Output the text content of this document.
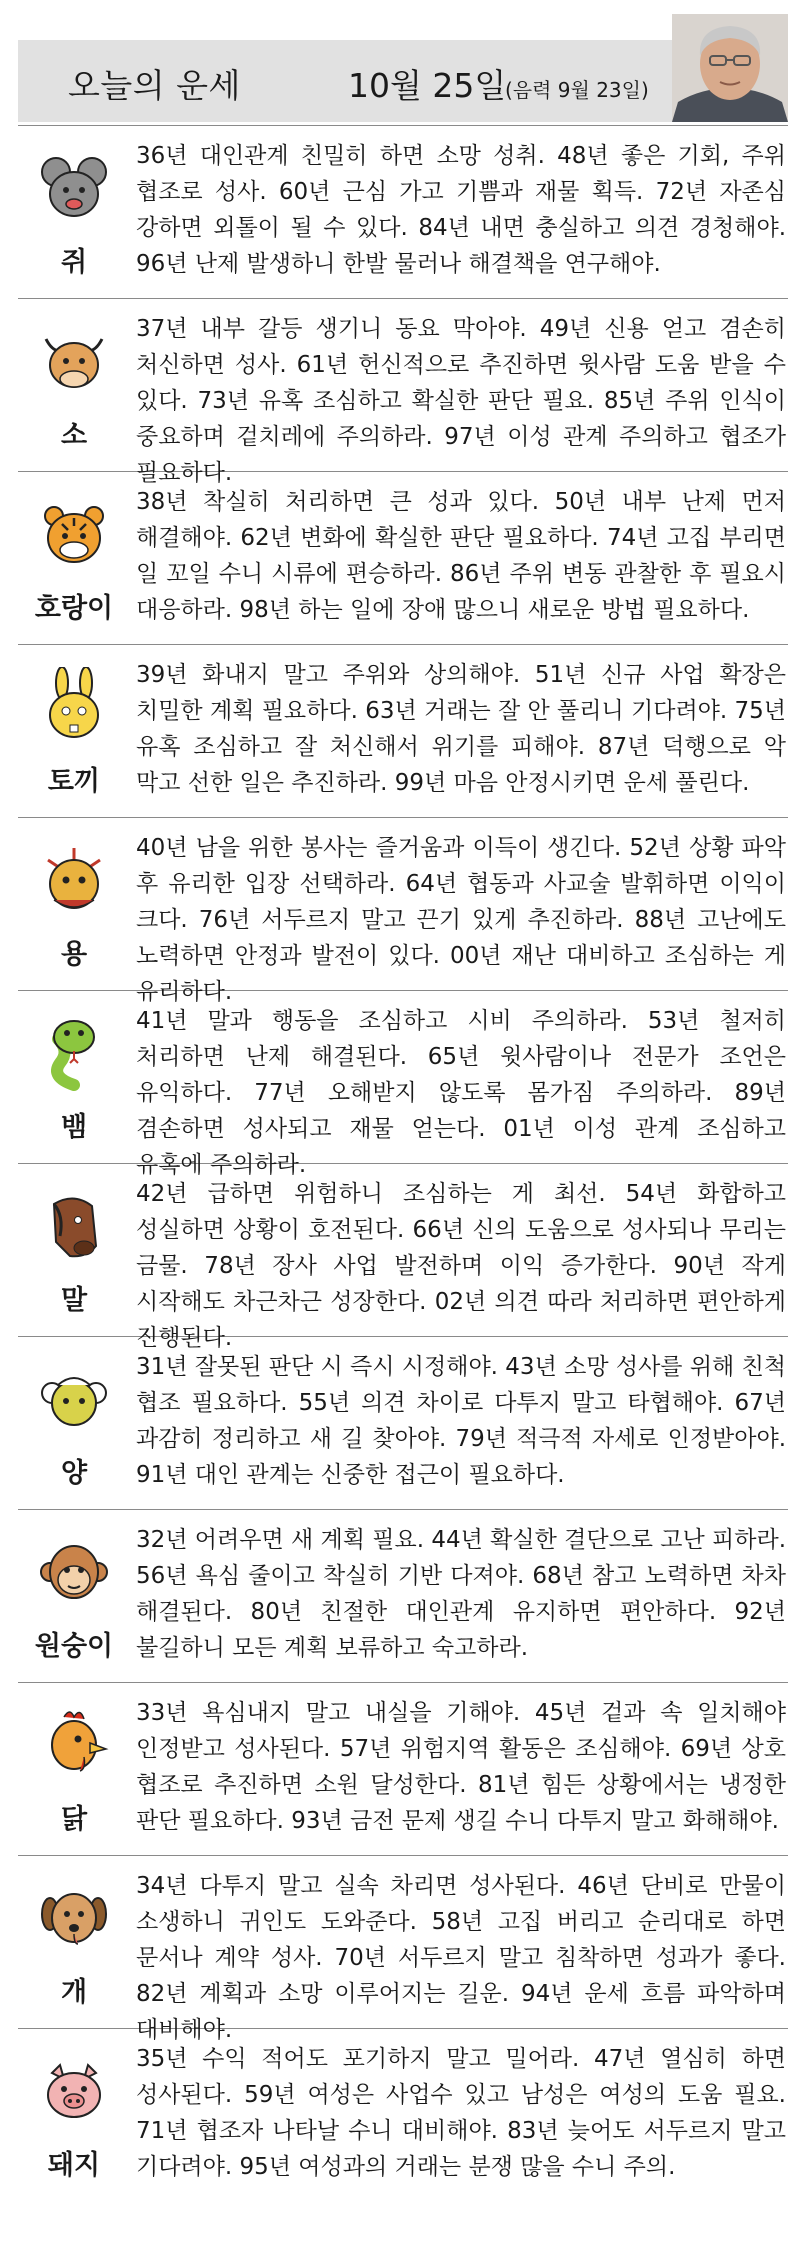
오늘의 운세	10월 25일
(음력 9월 23일)
쥐

36년 대인관계 친밀히 하면 소망 성취. 48년 좋은 기회, 주위 협조로 성사. 60년 근심 가고 기쁨과 재물 획득. 72년 자존심 강하면 외톨이 될 수 있다. 84년 내면 충실하고 의견 경청해야. 96년 난제 발생하니 한발 물러나 해결책을 연구해야.

소

37년 내부 갈등 생기니 동요 막아야. 49년 신용 얻고 겸손히 처신하면 성사. 61년 헌신적으로 추진하면 윗사람 도움 받을 수 있다. 73년 유혹 조심하고 확실한 판단 필요. 85년 주위 인식이 중요하며 겉치레에 주의하라. 97년 이성 관계 주의하고 협조가 필요하다.

호랑이

38년 착실히 처리하면 큰 성과 있다. 50년 내부 난제 먼저 해결해야. 62년 변화에 확실한 판단 필요하다. 74년 고집 부리면 일 꼬일 수니 시류에 편승하라. 86년 주위 변동 관찰한 후 필요시 대응하라. 98년 하는 일에 장애 많으니 새로운 방법 필요하다.

토끼

39년 화내지 말고 주위와 상의해야. 51년 신규 사업 확장은 치밀한 계획 필요하다. 63년 거래는 잘 안 풀리니 기다려야. 75년 유혹 조심하고 잘 처신해서 위기를 피해야. 87년 덕행으로 악 막고 선한 일은 추진하라. 99년 마음 안정시키면 운세 풀린다.

용

40년 남을 위한 봉사는 즐거움과 이득이 생긴다. 52년 상황 파악 후 유리한 입장 선택하라. 64년 협동과 사교술 발휘하면 이익이 크다. 76년 서두르지 말고 끈기 있게 추진하라. 88년 고난에도 노력하면 안정과 발전이 있다. 00년 재난 대비하고 조심하는 게 유리하다.

뱀

41년 말과 행동을 조심하고 시비 주의하라. 53년 철저히 처리하면 난제 해결된다. 65년 윗사람이나 전문가 조언은 유익하다. 77년 오해받지 않도록 몸가짐 주의하라. 89년 겸손하면 성사되고 재물 얻는다. 01년 이성 관계 조심하고 유혹에 주의하라.

말

42년 급하면 위험하니 조심하는 게 최선. 54년 화합하고 성실하면 상황이 호전된다. 66년 신의 도움으로 성사되나 무리는 금물. 78년 장사 사업 발전하며 이익 증가한다. 90년 작게 시작해도 차근차근 성장한다. 02년 의견 따라 처리하면 편안하게 진행된다.

양

31년 잘못된 판단 시 즉시 시정해야. 43년 소망 성사를 위해 친척 협조 필요하다. 55년 의견 차이로 다투지 말고 타협해야. 67년 과감히 정리하고 새 길 찾아야. 79년 적극적 자세로 인정받아야. 91년 대인 관계는 신중한 접근이 필요하다.

원숭이

32년 어려우면 새 계획 필요. 44년 확실한 결단으로 고난 피하라. 56년 욕심 줄이고 착실히 기반 다져야. 68년 참고 노력하면 차차 해결된다. 80년 친절한 대인관계 유지하면 편안하다. 92년 불길하니 모든 계획 보류하고 숙고하라.

닭

33년 욕심내지 말고 내실을 기해야. 45년 겉과 속 일치해야 인정받고 성사된다. 57년 위험지역 활동은 조심해야. 69년 상호 협조로 추진하면 소원 달성한다. 81년 힘든 상황에서는 냉정한 판단 필요하다. 93년 금전 문제 생길 수니 다투지 말고 화해해야.

개

34년 다투지 말고 실속 차리면 성사된다. 46년 단비로 만물이 소생하니 귀인도 도와준다. 58년 고집 버리고 순리대로 하면 문서나 계약 성사. 70년 서두르지 말고 침착하면 성과가 좋다. 82년 계획과 소망 이루어지는 길운. 94년 운세 흐름 파악하며 대비해야.

돼지

35년 수익 적어도 포기하지 말고 밀어라. 47년 열심히 하면 성사된다. 59년 여성은 사업수 있고 남성은 여성의 도움 필요. 71년 협조자 나타날 수니 대비해야. 83년 늦어도 서두르지 말고 기다려야. 95년 여성과의 거래는 분쟁 많을 수니 주의.
